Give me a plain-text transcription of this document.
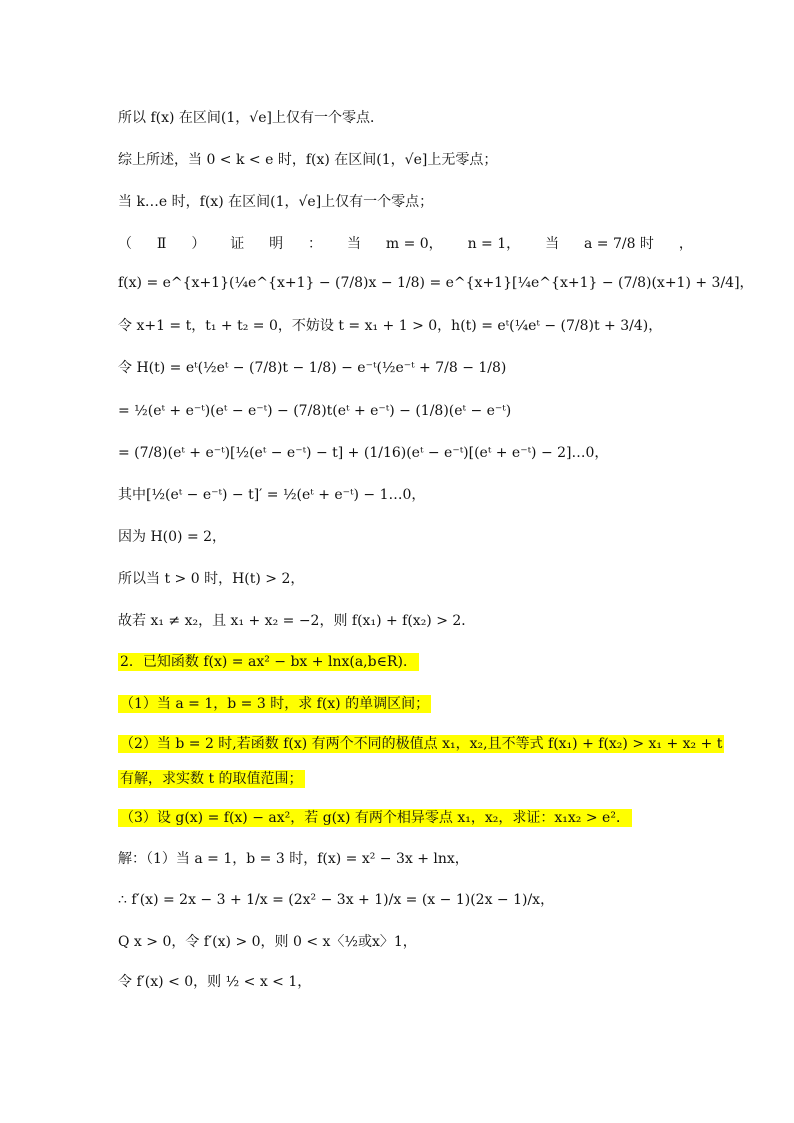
所以 f(x) 在区间(1，√e]上仅有一个零点．
综上所述，当 0 < k < e 时，f(x) 在区间(1，√e]上无零点；
当 k…e 时，f(x) 在区间(1，√e]上仅有一个零点；
（ Ⅱ ） 证 明 ： 当 m = 0， n = 1， 当 a = 7/8 时 ，
f(x) = e^{x+1}(¼e^{x+1} − (7/8)x − 1/8) = e^{x+1}[¼e^{x+1} − (7/8)(x+1) + 3/4]，
令 x+1 = t，t₁ + t₂ = 0，不妨设 t = x₁ + 1 > 0，h(t) = eᵗ(¼eᵗ − (7/8)t + 3/4)，
令 H(t) = eᵗ(½eᵗ − (7/8)t − 1/8) − e⁻ᵗ(½e⁻ᵗ + 7/8 − 1/8)
= ½(eᵗ + e⁻ᵗ)(eᵗ − e⁻ᵗ) − (7/8)t(eᵗ + e⁻ᵗ) − (1/8)(eᵗ − e⁻ᵗ)
= (7/8)(eᵗ + e⁻ᵗ)[½(eᵗ − e⁻ᵗ) − t] + (1/16)(eᵗ − e⁻ᵗ)[(eᵗ + e⁻ᵗ) − 2]…0，
其中[½(eᵗ − e⁻ᵗ) − t]′ = ½(eᵗ + e⁻ᵗ) − 1…0，
因为 H(0) = 2，
所以当 t > 0 时，H(t) > 2，
故若 x₁ ≠ x₂，且 x₁ + x₂ = −2，则 f(x₁) + f(x₂) > 2．
2．已知函数 f(x) = ax² − bx + lnx(a,b∈R)．
（1）当 a = 1，b = 3 时，求 f(x) 的单调区间；
（2）当 b = 2 时,若函数 f(x) 有两个不同的极值点 x₁，x₂,且不等式 f(x₁) + f(x₂) > x₁ + x₂ + t
有解，求实数 t 的取值范围；
（3）设 g(x) = f(x) − ax²，若 g(x) 有两个相异零点 x₁，x₂，求证：x₁x₂ > e²．
解：（1）当 a = 1，b = 3 时，f(x) = x² − 3x + lnx，
∴ f′(x) = 2x − 3 + 1/x = (2x² − 3x + 1)/x = (x − 1)(2x − 1)/x，
Q x > 0，令 f′(x) > 0，则 0 < x〈½或x〉1，
令 f′(x) < 0，则 ½ < x < 1，
